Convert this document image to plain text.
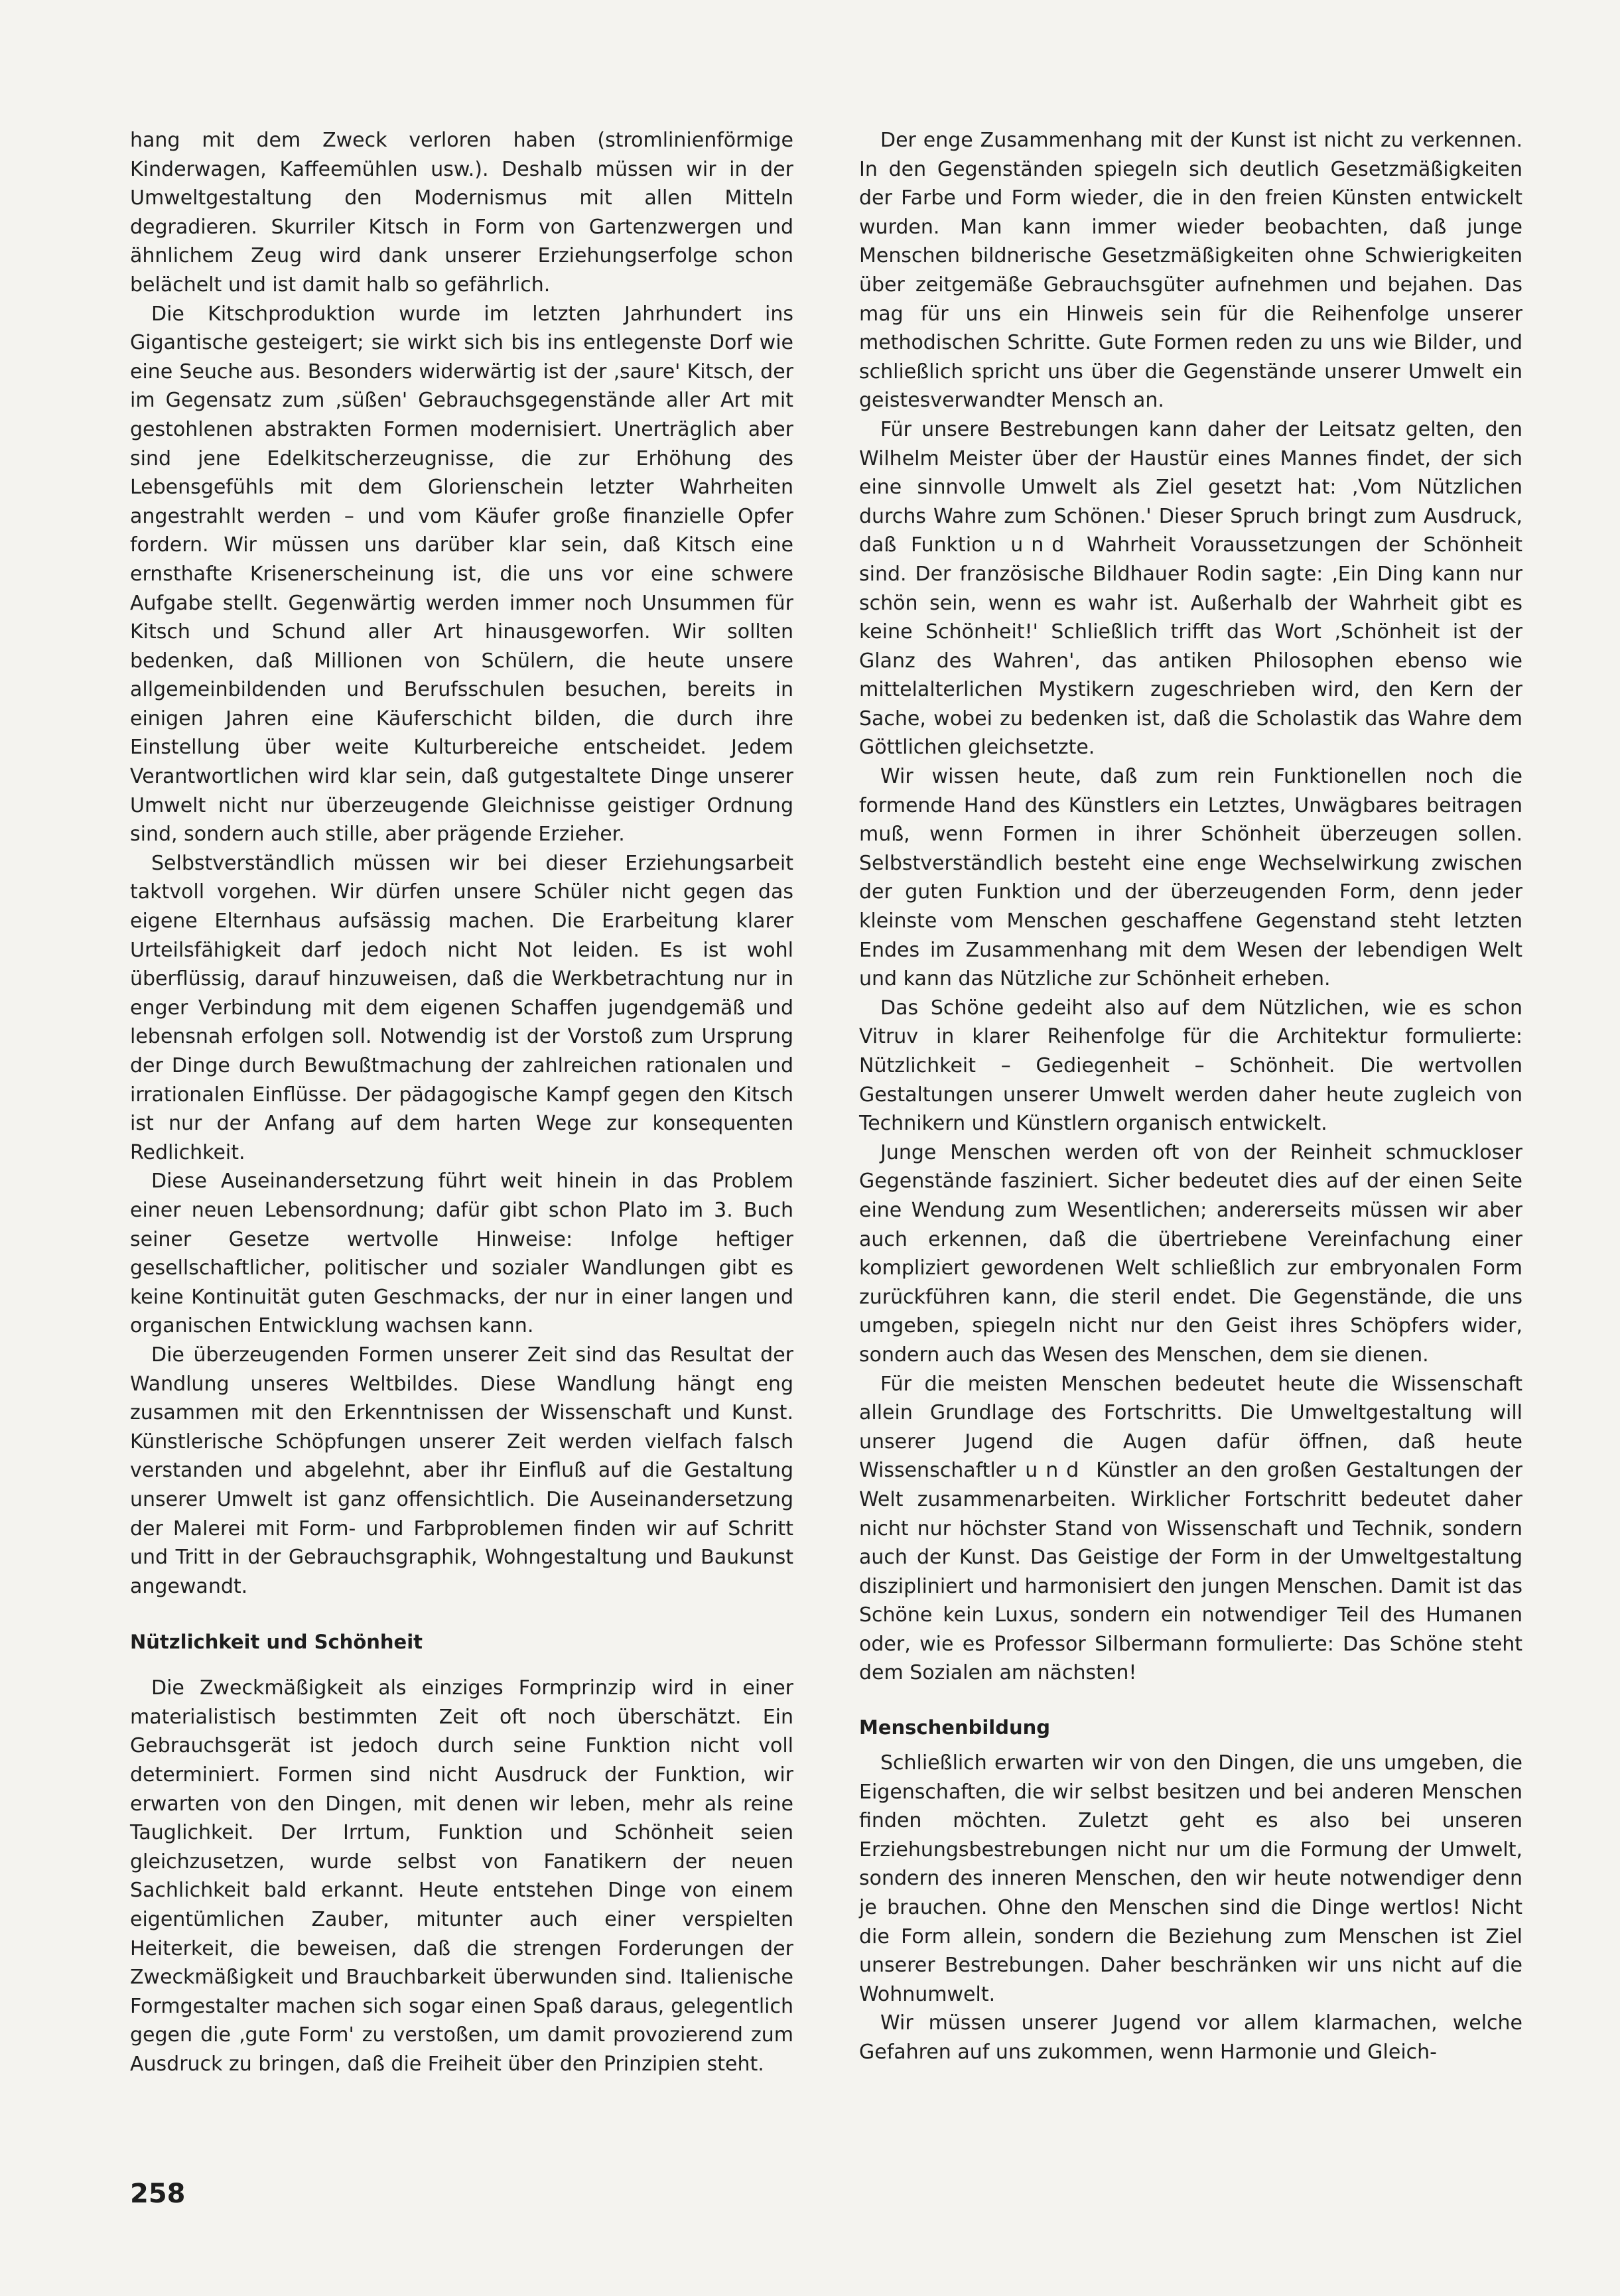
hang mit dem Zweck verloren haben (stromlinienförmige Kinderwagen, Kaffeemühlen usw.). Deshalb müssen wir in der Umweltgestaltung den Modernismus mit allen Mitteln degradieren. Skurriler Kitsch in Form von Gartenzwergen und ähnlichem Zeug wird dank unserer Erziehungserfolge schon belächelt und ist damit halb so gefährlich.

Die Kitschproduktion wurde im letzten Jahrhundert ins Gigantische gesteigert; sie wirkt sich bis ins entlegenste Dorf wie eine Seuche aus. Besonders widerwärtig ist der ‚saure' Kitsch, der im Gegensatz zum ‚süßen' Gebrauchsgegenstände aller Art mit gestohlenen abstrakten Formen modernisiert. Unerträglich aber sind jene Edelkitscherzeugnisse, die zur Erhöhung des Lebensgefühls mit dem Glorienschein letzter Wahrheiten angestrahlt werden – und vom Käufer große finanzielle Opfer fordern. Wir müssen uns darüber klar sein, daß Kitsch eine ernsthafte Krisenerscheinung ist, die uns vor eine schwere Aufgabe stellt. Gegenwärtig werden immer noch Unsummen für Kitsch und Schund aller Art hinausgeworfen. Wir sollten bedenken, daß Millionen von Schülern, die heute unsere allgemeinbildenden und Berufsschulen besuchen, bereits in einigen Jahren eine Käuferschicht bilden, die durch ihre Einstellung über weite Kulturbereiche entscheidet. Jedem Verantwortlichen wird klar sein, daß gutgestaltete Dinge unserer Umwelt nicht nur überzeugende Gleichnisse geistiger Ordnung sind, sondern auch stille, aber prägende Erzieher.

Selbstverständlich müssen wir bei dieser Erziehungsarbeit taktvoll vorgehen. Wir dürfen unsere Schüler nicht gegen das eigene Elternhaus aufsässig machen. Die Erarbeitung klarer Urteilsfähigkeit darf jedoch nicht Not leiden. Es ist wohl überflüssig, darauf hinzuweisen, daß die Werkbetrachtung nur in enger Verbindung mit dem eigenen Schaffen jugendgemäß und lebensnah erfolgen soll. Notwendig ist der Vorstoß zum Ursprung der Dinge durch Bewußtmachung der zahlreichen rationalen und irrationalen Einflüsse. Der pädagogische Kampf gegen den Kitsch ist nur der Anfang auf dem harten Wege zur konsequenten Redlichkeit.

Diese Auseinandersetzung führt weit hinein in das Problem einer neuen Lebensordnung; dafür gibt schon Plato im 3. Buch seiner Gesetze wertvolle Hinweise: Infolge heftiger gesellschaftlicher, politischer und sozialer Wandlungen gibt es keine Kontinuität guten Geschmacks, der nur in einer langen und organischen Entwicklung wachsen kann.

Die überzeugenden Formen unserer Zeit sind das Resultat der Wandlung unseres Weltbildes. Diese Wandlung hängt eng zusammen mit den Erkenntnissen der Wissenschaft und Kunst. Künstlerische Schöpfungen unserer Zeit werden vielfach falsch verstanden und abgelehnt, aber ihr Einfluß auf die Gestaltung unserer Umwelt ist ganz offensichtlich. Die Auseinandersetzung der Malerei mit Form- und Farbproblemen finden wir auf Schritt und Tritt in der Gebrauchsgraphik, Wohngestaltung und Baukunst angewandt.

Nützlichkeit und Schönheit

Die Zweckmäßigkeit als einziges Formprinzip wird in einer materialistisch bestimmten Zeit oft noch überschätzt. Ein Gebrauchsgerät ist jedoch durch seine Funktion nicht voll determiniert. Formen sind nicht Ausdruck der Funktion, wir erwarten von den Dingen, mit denen wir leben, mehr als reine Tauglichkeit. Der Irrtum, Funktion und Schönheit seien gleichzusetzen, wurde selbst von Fanatikern der neuen Sachlichkeit bald erkannt. Heute entstehen Dinge von einem eigentümlichen Zauber, mitunter auch einer verspielten Heiterkeit, die beweisen, daß die strengen Forderungen der Zweckmäßigkeit und Brauchbarkeit überwunden sind. Italienische Formgestalter machen sich sogar einen Spaß daraus, gelegentlich gegen die ‚gute Form' zu verstoßen, um damit provozierend zum Ausdruck zu bringen, daß die Freiheit über den Prinzipien steht.

Der enge Zusammenhang mit der Kunst ist nicht zu verkennen. In den Gegenständen spiegeln sich deutlich Gesetzmäßigkeiten der Farbe und Form wieder, die in den freien Künsten entwickelt wurden. Man kann immer wieder beobachten, daß junge Menschen bildnerische Gesetzmäßigkeiten ohne Schwierigkeiten über zeitgemäße Gebrauchsgüter aufnehmen und bejahen. Das mag für uns ein Hinweis sein für die Reihenfolge unserer methodischen Schritte. Gute Formen reden zu uns wie Bilder, und schließlich spricht uns über die Gegenstände unserer Umwelt ein geistesverwandter Mensch an.

Für unsere Bestrebungen kann daher der Leitsatz gelten, den Wilhelm Meister über der Haustür eines Mannes findet, der sich eine sinnvolle Umwelt als Ziel gesetzt hat: ‚Vom Nützlichen durchs Wahre zum Schönen.' Dieser Spruch bringt zum Ausdruck, daß Funktion und Wahrheit Voraussetzungen der Schönheit sind. Der französische Bildhauer Rodin sagte: ‚Ein Ding kann nur schön sein, wenn es wahr ist. Außerhalb der Wahrheit gibt es keine Schönheit!' Schließlich trifft das Wort ‚Schönheit ist der Glanz des Wahren', das antiken Philosophen ebenso wie mittelalterlichen Mystikern zugeschrieben wird, den Kern der Sache, wobei zu bedenken ist, daß die Scholastik das Wahre dem Göttlichen gleichsetzte.

Wir wissen heute, daß zum rein Funktionellen noch die formende Hand des Künstlers ein Letztes, Unwägbares beitragen muß, wenn Formen in ihrer Schönheit überzeugen sollen. Selbstverständlich besteht eine enge Wechselwirkung zwischen der guten Funktion und der überzeugenden Form, denn jeder kleinste vom Menschen geschaffene Gegenstand steht letzten Endes im Zusammenhang mit dem Wesen der lebendigen Welt und kann das Nützliche zur Schönheit erheben.

Das Schöne gedeiht also auf dem Nützlichen, wie es schon Vitruv in klarer Reihenfolge für die Architektur formulierte: Nützlichkeit – Gediegenheit – Schönheit. Die wertvollen Gestaltungen unserer Umwelt werden daher heute zugleich von Technikern und Künstlern organisch entwickelt.

Junge Menschen werden oft von der Reinheit schmuckloser Gegenstände fasziniert. Sicher bedeutet dies auf der einen Seite eine Wendung zum Wesentlichen; andererseits müssen wir aber auch erkennen, daß die übertriebene Vereinfachung einer kompliziert gewordenen Welt schließlich zur embryonalen Form zurückführen kann, die steril endet. Die Gegenstände, die uns umgeben, spiegeln nicht nur den Geist ihres Schöpfers wider, sondern auch das Wesen des Menschen, dem sie dienen.

Für die meisten Menschen bedeutet heute die Wissenschaft allein Grundlage des Fortschritts. Die Umweltgestaltung will unserer Jugend die Augen dafür öffnen, daß heute Wissenschaftler und Künstler an den großen Gestaltungen der Welt zusammenarbeiten. Wirklicher Fortschritt bedeutet daher nicht nur höchster Stand von Wissenschaft und Technik, sondern auch der Kunst. Das Geistige der Form in der Umweltgestaltung diszipliniert und harmonisiert den jungen Menschen. Damit ist das Schöne kein Luxus, sondern ein notwendiger Teil des Humanen oder, wie es Professor Silbermann formulierte: Das Schöne steht dem Sozialen am nächsten!

Menschenbildung

Schließlich erwarten wir von den Dingen, die uns umgeben, die Eigenschaften, die wir selbst besitzen und bei anderen Menschen finden möchten. Zuletzt geht es also bei unseren Erziehungsbestrebungen nicht nur um die Formung der Umwelt, sondern des inneren Menschen, den wir heute notwendiger denn je brauchen. Ohne den Menschen sind die Dinge wertlos! Nicht die Form allein, sondern die Beziehung zum Menschen ist Ziel unserer Bestrebungen. Daher beschränken wir uns nicht auf die Wohnumwelt.

Wir müssen unserer Jugend vor allem klarmachen, welche Gefahren auf uns zukommen, wenn Harmonie und Gleich-

258
